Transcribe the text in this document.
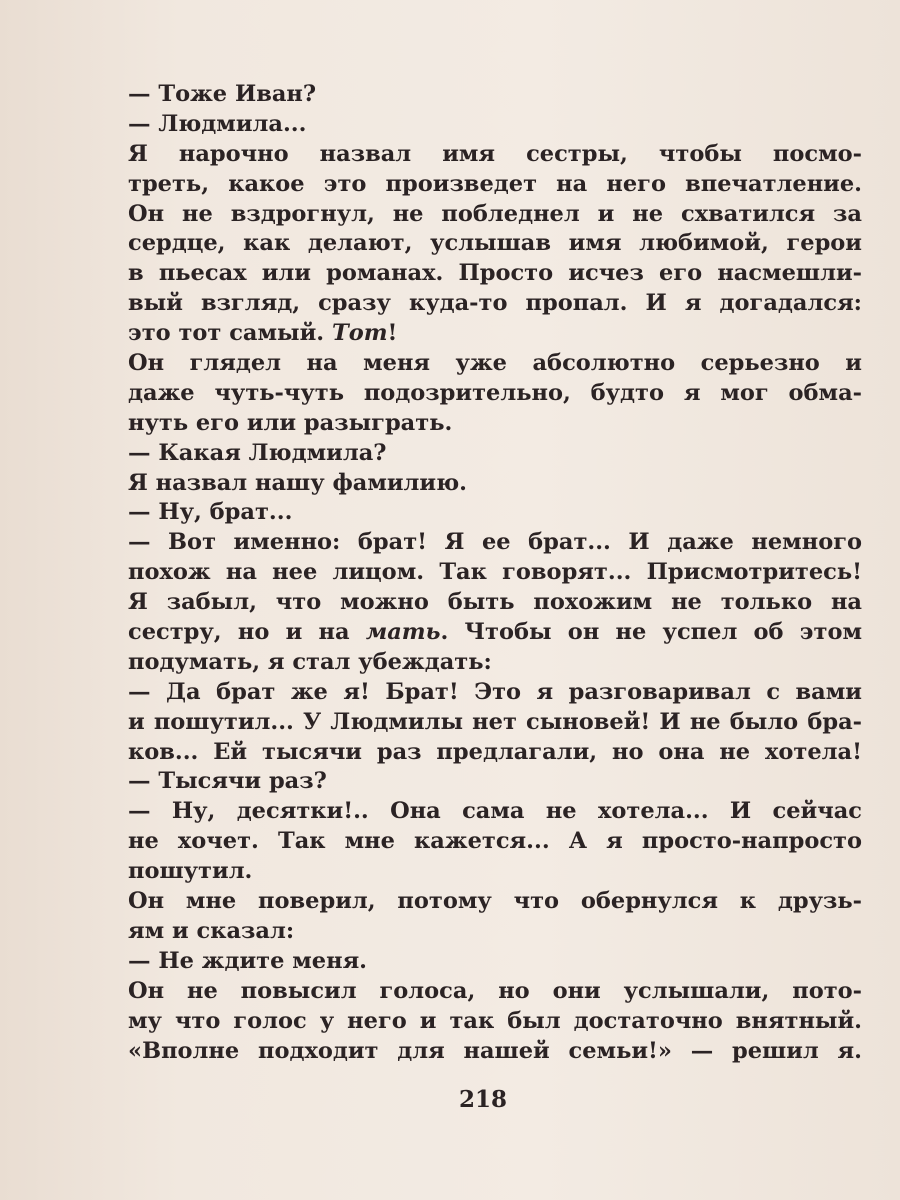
— Тоже Иван?
— Людмила...
Я нарочно назвал имя сестры, чтобы посмо-
треть, какое это произведет на него впечатление.
Он не вздрогнул, не побледнел и не схватился за
сердце, как делают, услышав имя любимой, герои
в пьесах или романах. Просто исчез его насмешли-
вый взгляд, сразу куда-то пропал. И я догадался:
это тот самый. Тот!
Он глядел на меня уже абсолютно серьезно и
даже чуть-чуть подозрительно, будто я мог обма-
нуть его или разыграть.
— Какая Людмила?
Я назвал нашу фамилию.
— Ну, брат...
— Вот именно: брат! Я ее брат... И даже немного
похож на нее лицом. Так говорят... Присмотритесь!
Я забыл, что можно быть похожим не только на
сестру, но и на мать. Чтобы он не успел об этом
подумать, я стал убеждать:
— Да брат же я! Брат! Это я разговаривал с вами
и пошутил... У Людмилы нет сыновей! И не было бра-
ков... Ей тысячи раз предлагали, но она не хотела!
— Тысячи раз?
— Ну, десятки!.. Она сама не хотела... И сейчас
не хочет. Так мне кажется... А я просто-напросто
пошутил.
Он мне поверил, потому что обернулся к друзь-
ям и сказал:
— Не ждите меня.
Он не повысил голоса, но они услышали, пото-
му что голос у него и так был достаточно внятный.
«Вполне подходит для нашей семьи!» — решил я.
218
